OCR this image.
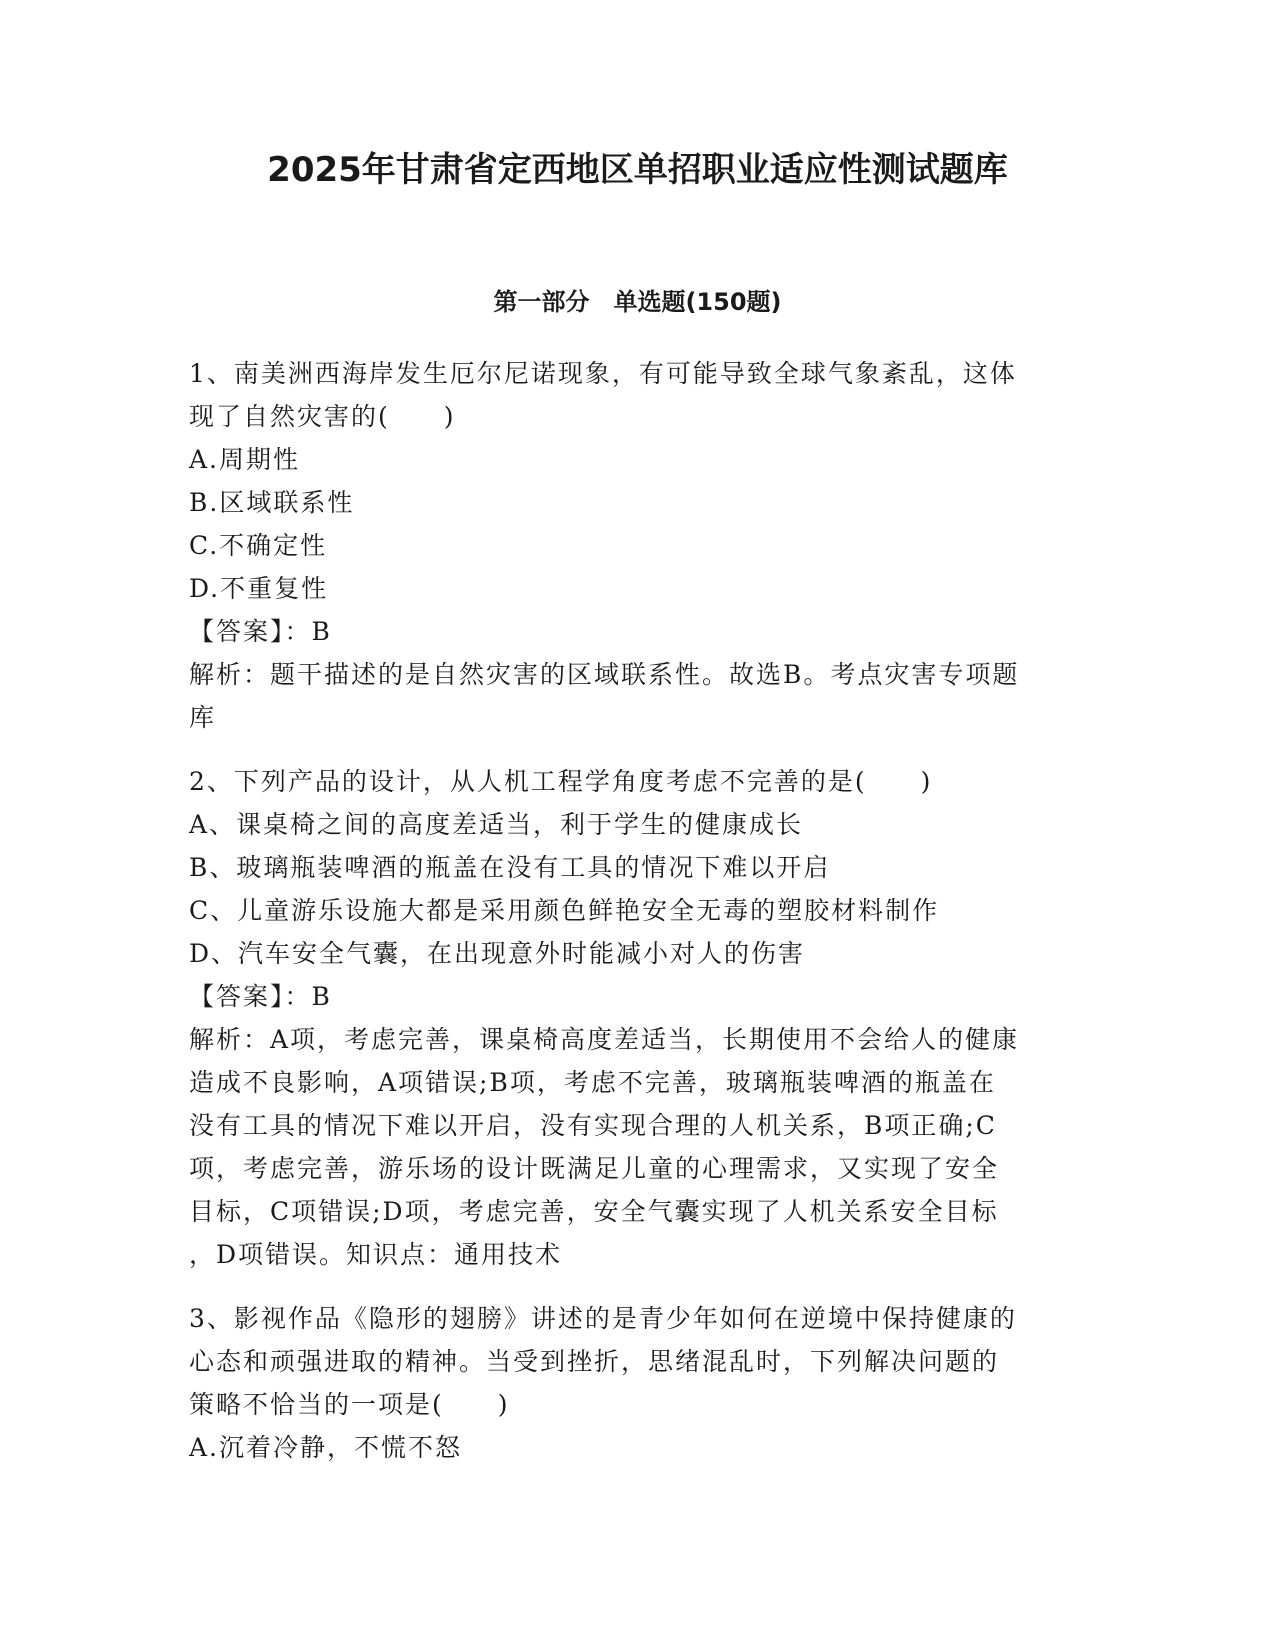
2025年甘肃省定西地区单招职业适应性测试题库
第一部分　单选题(150题)
1、南美洲西海岸发生厄尔尼诺现象，有可能导致全球气象紊乱，这体
现了自然灾害的(　　)
A.周期性
B.区域联系性
C.不确定性
D.不重复性
【答案】：B
解析：题干描述的是自然灾害的区域联系性。故选B。考点灾害专项题
库
2、下列产品的设计，从人机工程学角度考虑不完善的是(　　)
A、课桌椅之间的高度差适当，利于学生的健康成长
B、玻璃瓶装啤酒的瓶盖在没有工具的情况下难以开启
C、儿童游乐设施大都是采用颜色鲜艳安全无毒的塑胶材料制作
D、汽车安全气囊，在出现意外时能减小对人的伤害
【答案】：B
解析：A项，考虑完善，课桌椅高度差适当，长期使用不会给人的健康
造成不良影响，A项错误;B项，考虑不完善，玻璃瓶装啤酒的瓶盖在
没有工具的情况下难以开启，没有实现合理的人机关系，B项正确;C
项，考虑完善，游乐场的设计既满足儿童的心理需求，又实现了安全
目标，C项错误;D项，考虑完善，安全气囊实现了人机关系安全目标
，D项错误。知识点：通用技术
3、影视作品《隐形的翅膀》讲述的是青少年如何在逆境中保持健康的
心态和顽强进取的精神。当受到挫折，思绪混乱时，下列解决问题的
策略不恰当的一项是(　　)
A.沉着冷静，不慌不怒
